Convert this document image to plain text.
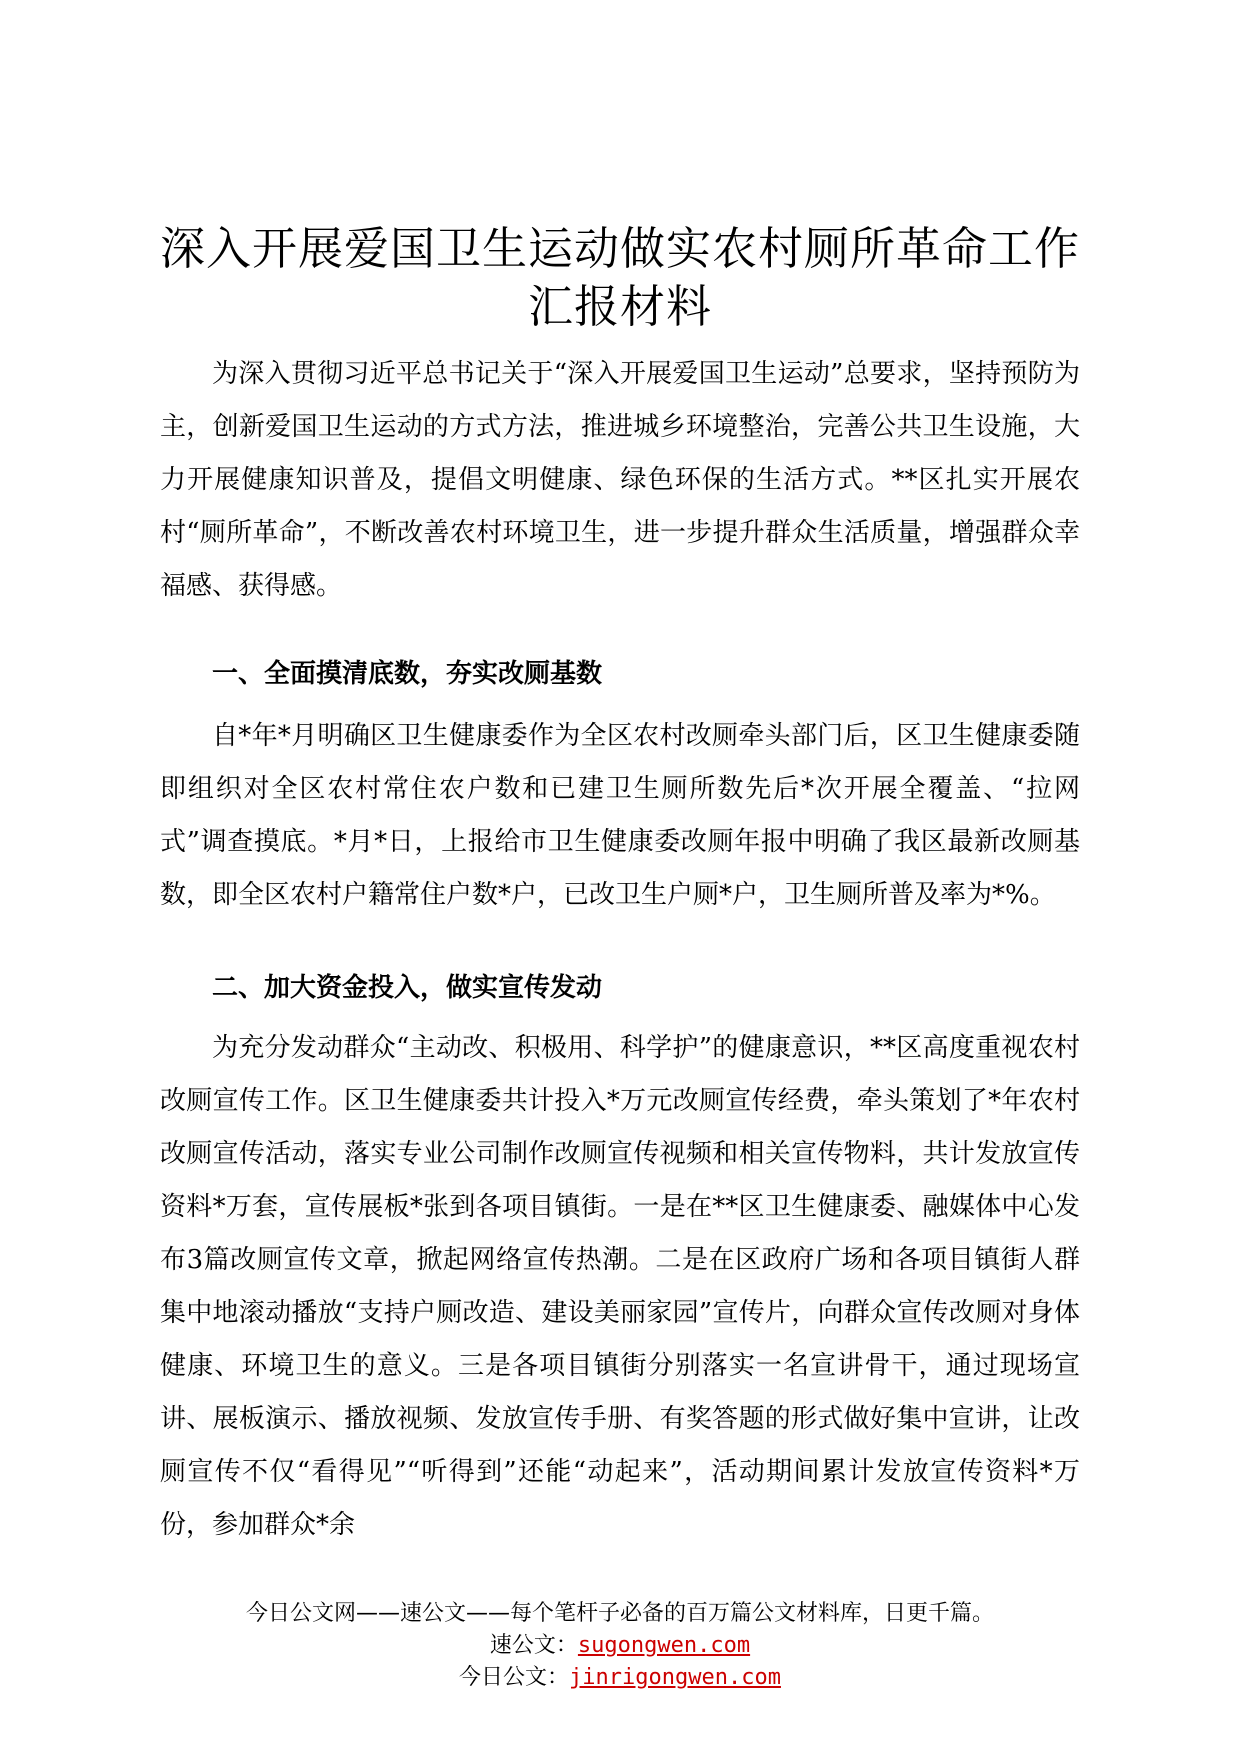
深入开展爱国卫生运动做实农村厕所革命工作
汇报材料

为深入贯彻习近平总书记关于“深入开展爱国卫生运动”总要求，坚持预防为主，创新爱国卫生运动的方式方法，推进城乡环境整治，完善公共卫生设施，大力开展健康知识普及，提倡文明健康、绿色环保的生活方式。**区扎实开展农村“厕所革命”，不断改善农村环境卫生，进一步提升群众生活质量，增强群众幸福感、获得感。

一、全面摸清底数，夯实改厕基数

自*年*月明确区卫生健康委作为全区农村改厕牵头部门后，区卫生健康委随即组织对全区农村常住农户数和已建卫生厕所数先后*次开展全覆盖、“拉网式”调查摸底。*月*日，上报给市卫生健康委改厕年报中明确了我区最新改厕基数，即全区农村户籍常住户数*户，已改卫生户厕*户，卫生厕所普及率为*%。

二、加大资金投入，做实宣传发动

为充分发动群众“主动改、积极用、科学护”的健康意识，**区高度重视农村改厕宣传工作。区卫生健康委共计投入*万元改厕宣传经费，牵头策划了*年农村改厕宣传活动，落实专业公司制作改厕宣传视频和相关宣传物料，共计发放宣传资料*万套，宣传展板*张到各项目镇街。一是在**区卫生健康委、融媒体中心发布3篇改厕宣传文章，掀起网络宣传热潮。二是在区政府广场和各项目镇街人群集中地滚动播放“支持户厕改造、建设美丽家园”宣传片，向群众宣传改厕对身体健康、环境卫生的意义。三是各项目镇街分别落实一名宣讲骨干，通过现场宣讲、展板演示、播放视频、发放宣传手册、有奖答题的形式做好集中宣讲，让改厕宣传不仅“看得见”“听得到”还能“动起来”，活动期间累计发放宣传资料*万份，参加群众*余

今日公文网——速公文——每个笔杆子必备的百万篇公文材料库，日更千篇。
速公文：sugongwen.com
今日公文：jinrigongwen.com
